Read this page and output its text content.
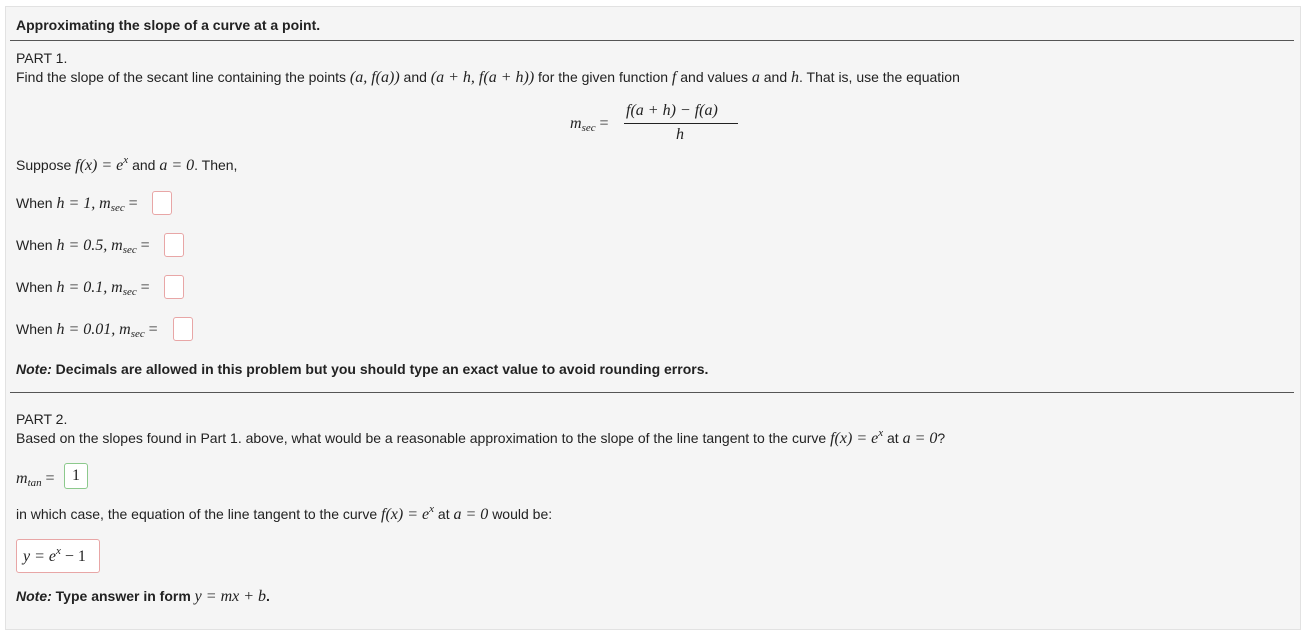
Approximating the slope of a curve at a point.
PART 1.
Find the slope of the secant line containing the points (a, f(a)) and (a + h, f(a + h)) for the given function f and values a and h. That is, use the equation
$m_{sec}$ =
f(a + h) − f(a)
h
Suppose $f(x) = e^x$ and a = 0. Then,
When h = 1, $m_{sec}$ =
When h = 0.5, $m_{sec}$ =
When h = 0.1, $m_{sec}$ =
When h = 0.01, $m_{sec}$ =
Note: Decimals are allowed in this problem but you should type an exact value to avoid rounding errors.
PART 2.
Based on the slopes found in Part 1. above, what would be a reasonable approximation to the slope of the line tangent to the curve $f(x) = e^x$ at a = 0?
$m_{tan}$ =	1
in which case, the equation of the line tangent to the curve $f(x) = e^x$ at a = 0 would be:
$y = e^x - 1$
Note: Type answer in form y = mx + b.
